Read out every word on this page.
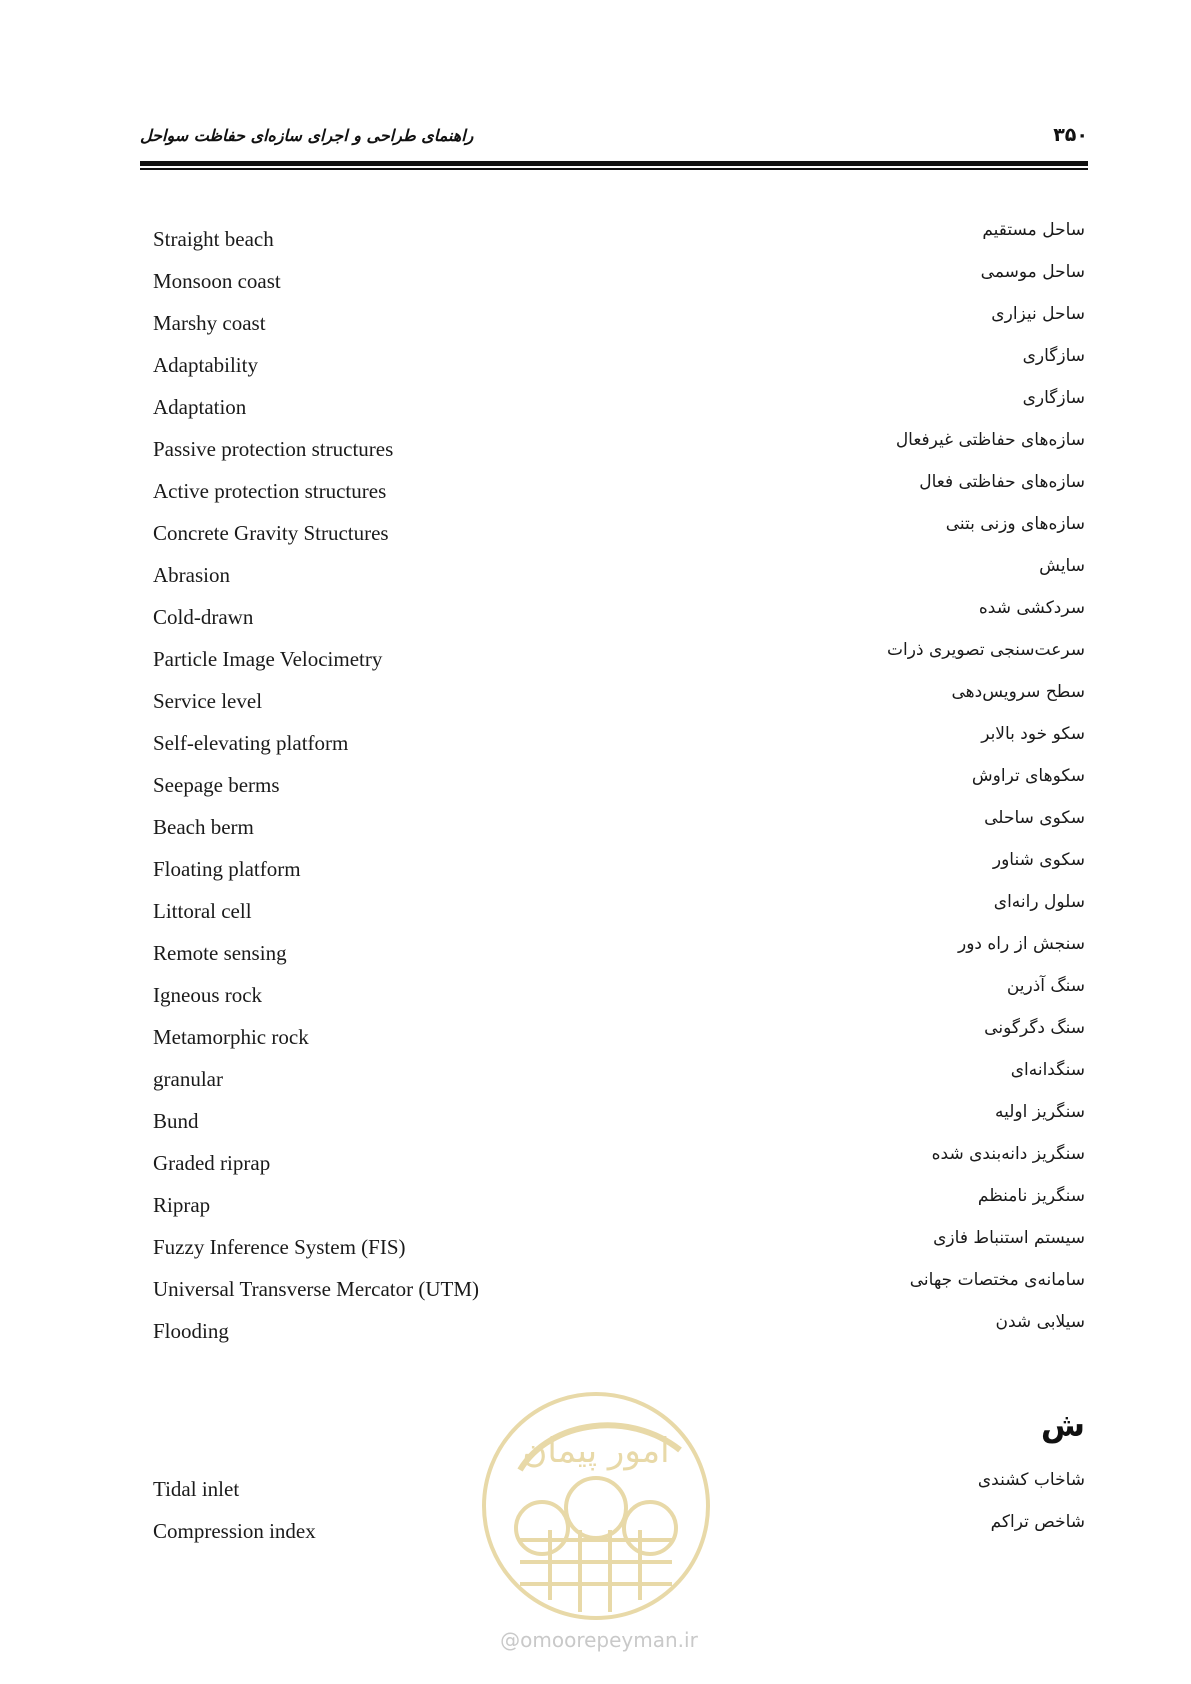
۳۵۰
راهنمای طراحی و اجرای سازه‌ای حفاظت سواحل
Straight beach	ساحل مستقیم
Monsoon coast	ساحل موسمی
Marshy coast	ساحل نیزاری
Adaptability	سازگاری
Adaptation	سازگاری
Passive protection structures	سازه‌های حفاظتی غیرفعال
Active protection structures	سازه‌های حفاظتی فعال
Concrete Gravity Structures	سازه‌های وزنی بتنی
Abrasion	سایش
Cold-drawn	سردکشی شده
Particle Image Velocimetry	سرعت‌سنجی تصویری ذرات
Service level	سطح سرویس‌دهی
Self-elevating platform	سکو خود بالابر
Seepage berms	سکوهای تراوش
Beach berm	سکوی ساحلی
Floating platform	سکوی شناور
Littoral cell	سلول رانه‌ای
Remote sensing	سنجش از راه دور
Igneous rock	سنگ آذرین
Metamorphic rock	سنگ دگرگونی
granular	سنگدانه‌ای
Bund	سنگریز اولیه
Graded riprap	سنگریز دانه‌بندی شده
Riprap	سنگریز نامنظم
Fuzzy Inference System (FIS)	سیستم استنباط فازی
Universal Transverse Mercator (UTM)	سامانه‌ی مختصات جهانی
Flooding	سیلابی شدن
ش
Tidal inlet	شاخاب کشندی
Compression index	شاخص تراکم
امور پیمان
@omoorepeyman.ir
